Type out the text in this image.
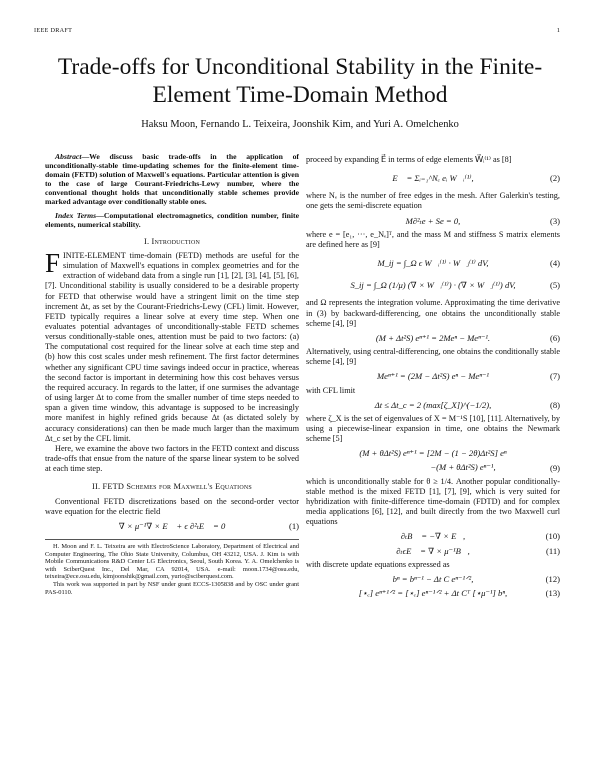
IEEE DRAFT	1
Trade-offs for Unconditional Stability in the Finite-Element Time-Domain Method
Haksu Moon, Fernando L. Teixeira, Joonshik Kim, and Yuri A. Omelchenko

Abstract—We discuss basic trade-offs in the application of unconditionally-stable time-updating schemes for the finite-element time-domain (FETD) solution of Maxwell's equations. Particular attention is given to the case of large Courant-Friedrichs-Lewy number, where the conventional thought holds that unconditionally stable schemes provide marked advantage over conditionally stable ones.

Index Terms—Computational electromagnetics, condition number, finite elements, numerical stability.

I. Introduction

FINITE-ELEMENT time-domain (FETD) methods are useful for the simulation of Maxwell's equations in complex geometries and for the extraction of wideband data from a single run [1], [2], [3], [4], [5], [6], [7]. Unconditional stability is usually considered to be a desirable property for FETD that otherwise would have a stringent limit on the time step increment Δt, as set by the Courant-Friedrichs-Lewy (CFL) limit. However, FETD typically requires a linear solve at every time step. When one evaluates potential advantages of unconditionally-stable FETD schemes versus conditionally-stable ones, attention must be paid to two factors: (a) The computational cost required for the linear solve at each time step and (b) how this cost scales under mesh refinement. The first factor determines whether any significant CPU time savings indeed occur in practice, whereas the second factor is important in determining how this cost behaves versus the required accuracy. In regards to the latter, if one surmises the advantage of using larger Δt to come from the smaller number of time steps needed to span a given time window, this advantage is supposed to be increasingly more manifest in highly refined grids because Δt (as dictated solely by accuracy considerations) can then be made much larger than the maximum Δt_c set by the CFL limit.

Here, we examine the above two factors in the FETD context and discuss trade-offs that ensue from the nature of the sparse linear system to be solved at each time step.

II. FETD Schemes for Maxwell's Equations

Conventional FETD discretizations based on the second-order vector wave equation for the electric field

∇ × μ⁻¹∇ × E⃗ + ϵ ∂²ₜE⃗ = 0	(1)

H. Moon and F. L. Teixeira are with ElectroScience Laboratory, Department of Electrical and Computer Engineering, The Ohio State University, Columbus, OH 43212, USA. J. Kim is with Mobile Communications R&D Center LG Electronics, Seoul, South Korea. Y. A. Omelchenko is with SciberQuest Inc., Del Mar, CA 92014, USA. e-mail: moon.1734@osu.edu, teixeira@ece.osu.edu, kimjoonshik@gmail.com, yurio@sciberquest.com.

This work was supported in part by NSF under grant ECCS-1305838 and by OSC under grant PAS-0110.

proceed by expanding E⃗ in terms of edge elements W⃗ᵢ⁽¹⁾ as [8]

E⃗ = Σᵢ₌₁^Nₑ eᵢ W⃗ᵢ⁽¹⁾,	(2)

where Nₑ is the number of free edges in the mesh. After Galerkin's testing, one gets the semi-discrete equation

M∂²ₜe + Se = 0,	(3)

where e = [e₁, ···, e_Nₑ]ᵀ, and the mass M and stiffness S matrix elements are defined here as [9]

M_ij = ∫_Ω ϵ W⃗ᵢ⁽¹⁾ · W⃗ⱼ⁽¹⁾ dV,	(4)
S_ij = ∫_Ω (1/μ) (∇ × W⃗ᵢ⁽¹⁾) · (∇ × W⃗ⱼ⁽¹⁾) dV,	(5)

and Ω represents the integration volume. Approximating the time derivative in (3) by backward-differencing, one obtains the unconditionally stable scheme [4], [9]

(M + Δt²S) eⁿ⁺¹ = 2Meⁿ − Meⁿ⁻¹.	(6)

Alternatively, using central-differencing, one obtains the conditionally stable scheme [4], [9]

Meⁿ⁺¹ = (2M − Δt²S) eⁿ − Meⁿ⁻¹	(7)

with CFL limit

Δt ≤ Δt_c = 2 (max[ζ_X])^(−1/2),	(8)

where ζ_X is the set of eigenvalues of X = M⁻¹S [10], [11]. Alternatively, by using a piecewise-linear expansion in time, one obtains the Newmark scheme [5]

(M + θΔt²S) eⁿ⁺¹ = [2M − (1 − 2θ)Δt²S] eⁿ
−(M + θΔt²S) eⁿ⁻¹,	(9)

which is unconditionally stable for θ ≥ 1/4. Another popular conditionally-stable method is the mixed FETD [1], [7], [9], which is very suited for hybridization with finite-difference time-domain (FDTD) and for complex media applications [6], [12], and built directly from the two Maxwell curl equations

∂ₜB⃗ = −∇ × E⃗,	(10)
∂ₜϵE⃗ = ∇ × μ⁻¹B⃗,	(11)

with discrete update equations expressed as

bⁿ = bⁿ⁻¹ − Δt C eⁿ⁻¹ᐟ²,	(12)
[⋆ₑ] eⁿ⁺¹ᐟ² = [⋆ₑ] eⁿ⁻¹ᐟ² + Δt Cᵀ [⋆μ⁻¹] bⁿ,	(13)
